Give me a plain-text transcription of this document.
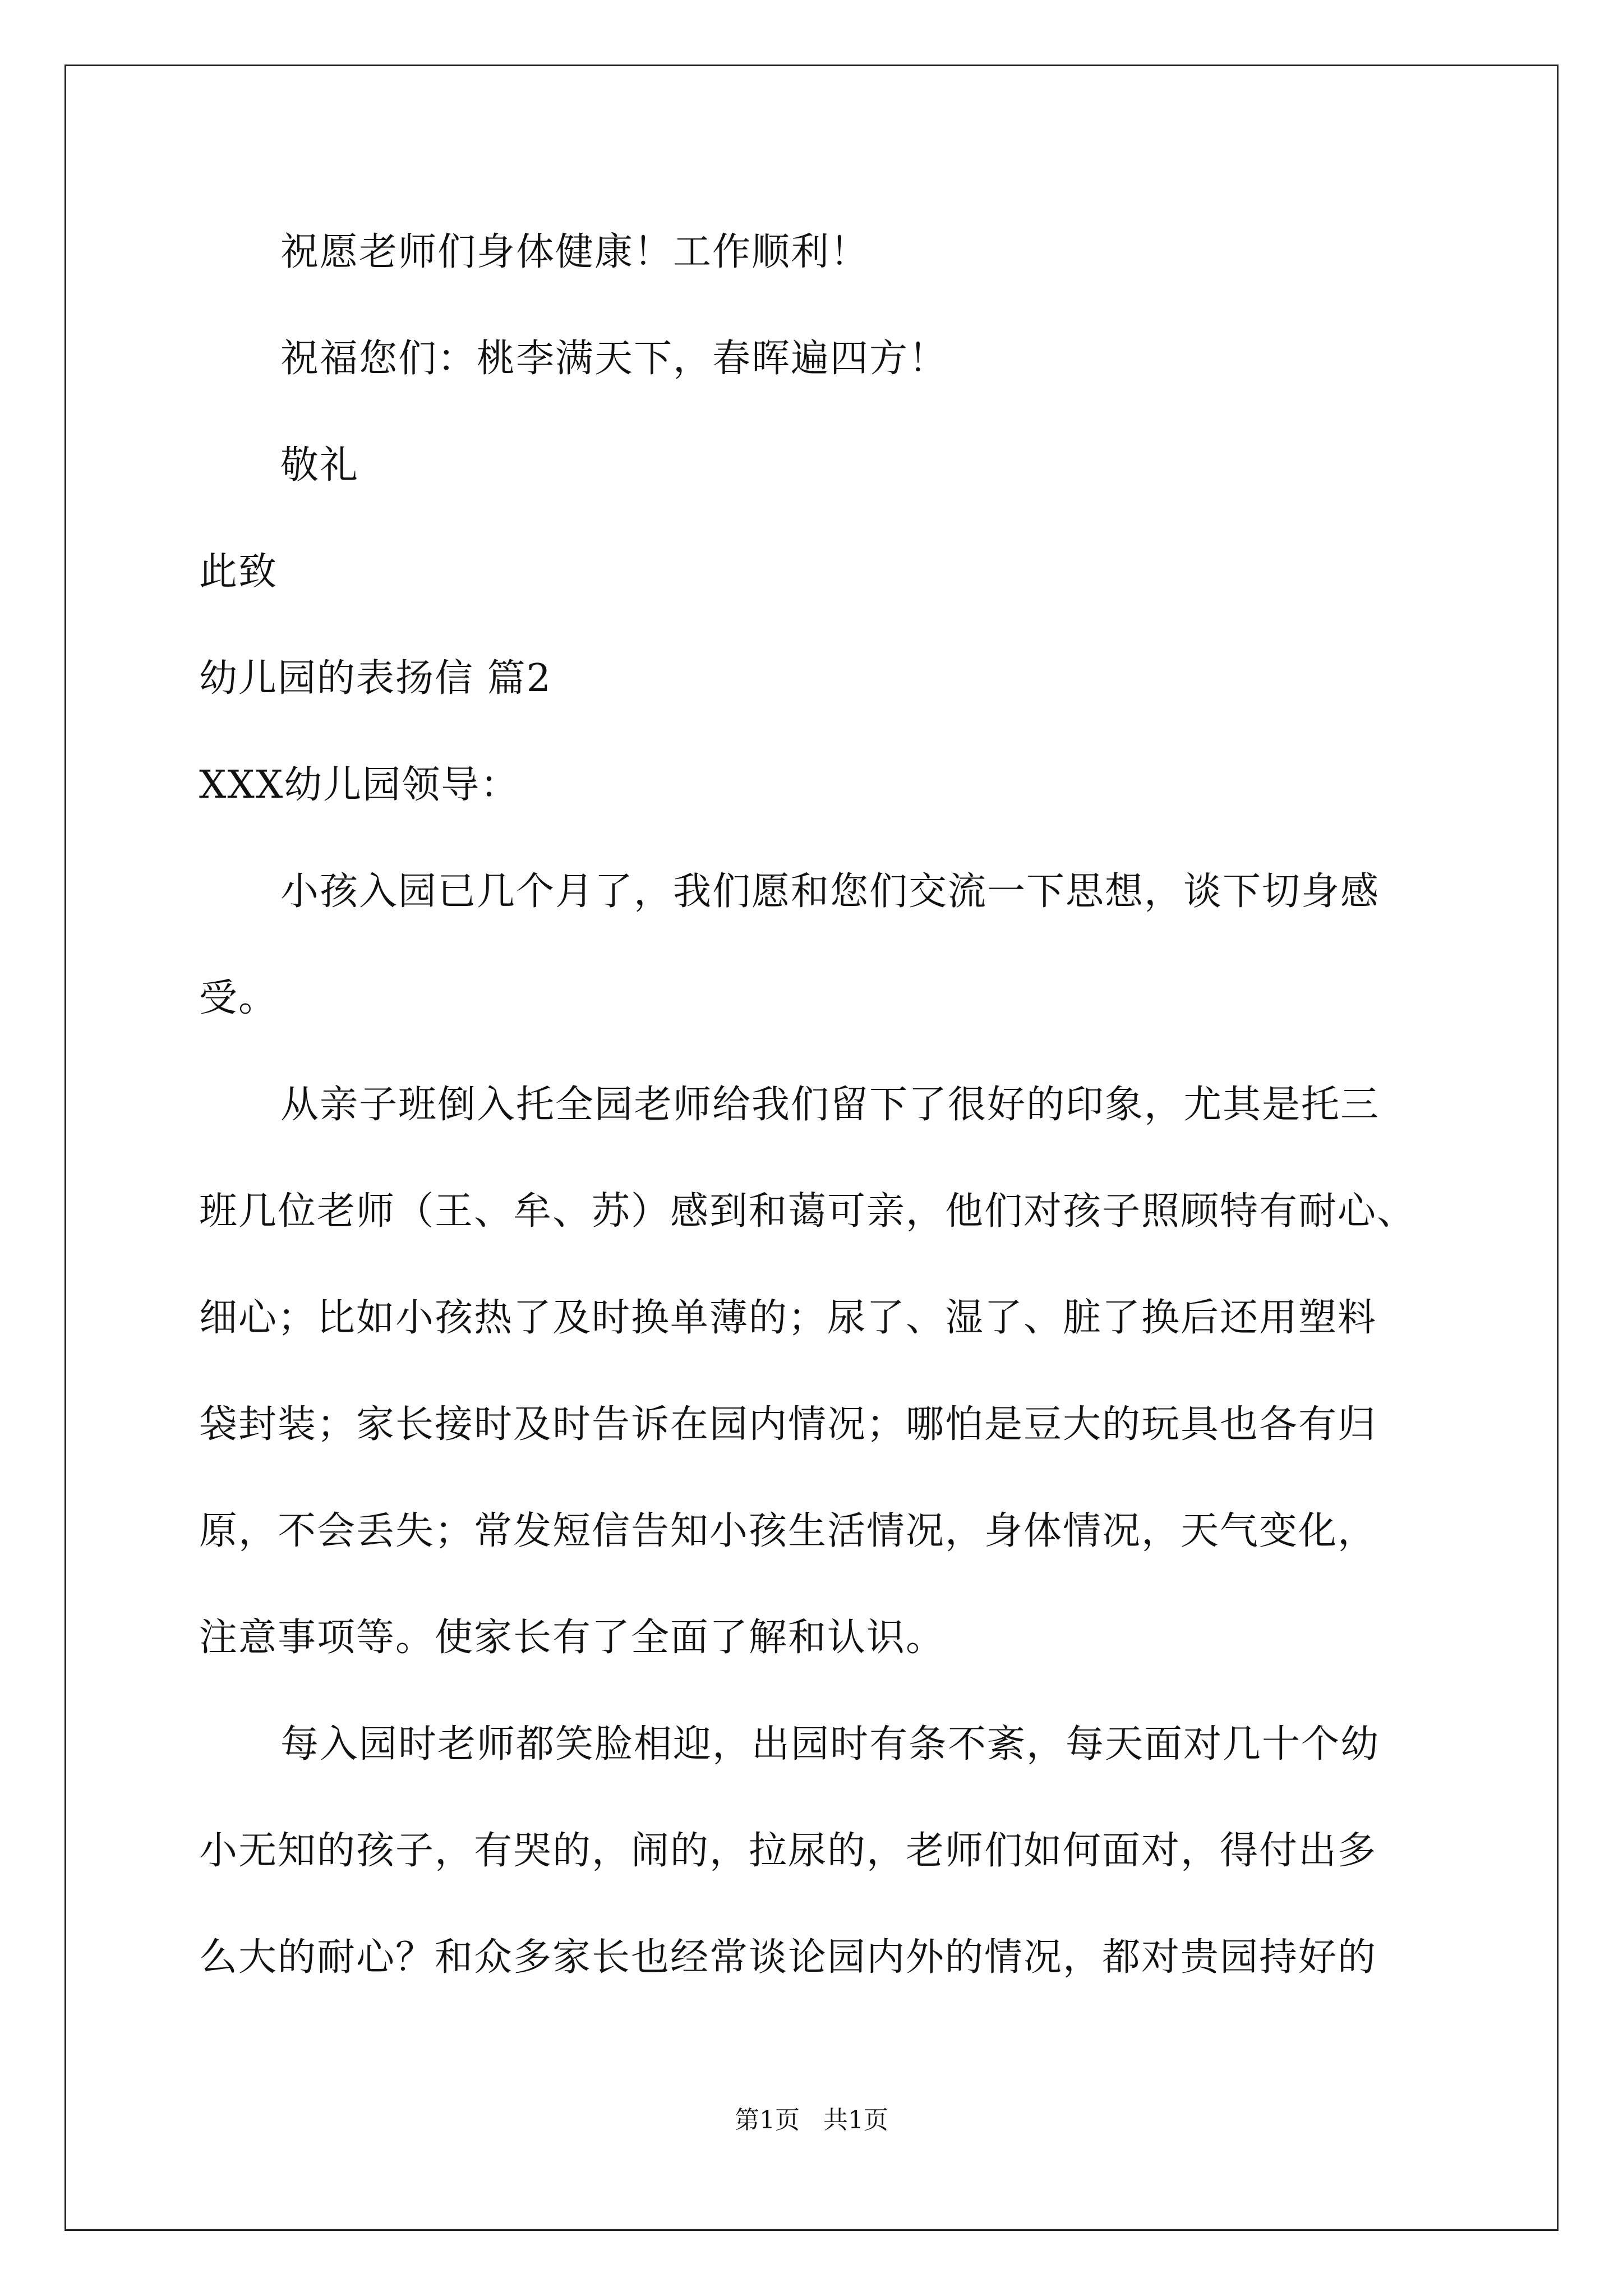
祝愿老师们身体健康！工作顺利！
祝福您们：桃李满天下，春晖遍四方！
敬礼
此致
幼儿园的表扬信 篇2
XXX幼儿园领导：
小孩入园已几个月了，我们愿和您们交流一下思想，谈下切身感
受。
从亲子班倒入托全园老师给我们留下了很好的印象，尤其是托三
班几位老师（王、牟、苏）感到和蔼可亲，他们对孩子照顾特有耐心、
细心；比如小孩热了及时换单薄的；尿了、湿了、脏了换后还用塑料
袋封装；家长接时及时告诉在园内情况；哪怕是豆大的玩具也各有归
原，不会丢失；常发短信告知小孩生活情况，身体情况，天气变化，
注意事项等。使家长有了全面了解和认识。
每入园时老师都笑脸相迎，出园时有条不紊，每天面对几十个幼
小无知的孩子，有哭的，闹的，拉尿的，老师们如何面对，得付出多
么大的耐心？和众多家长也经常谈论园内外的情况，都对贵园持好的
第1页   共1页
